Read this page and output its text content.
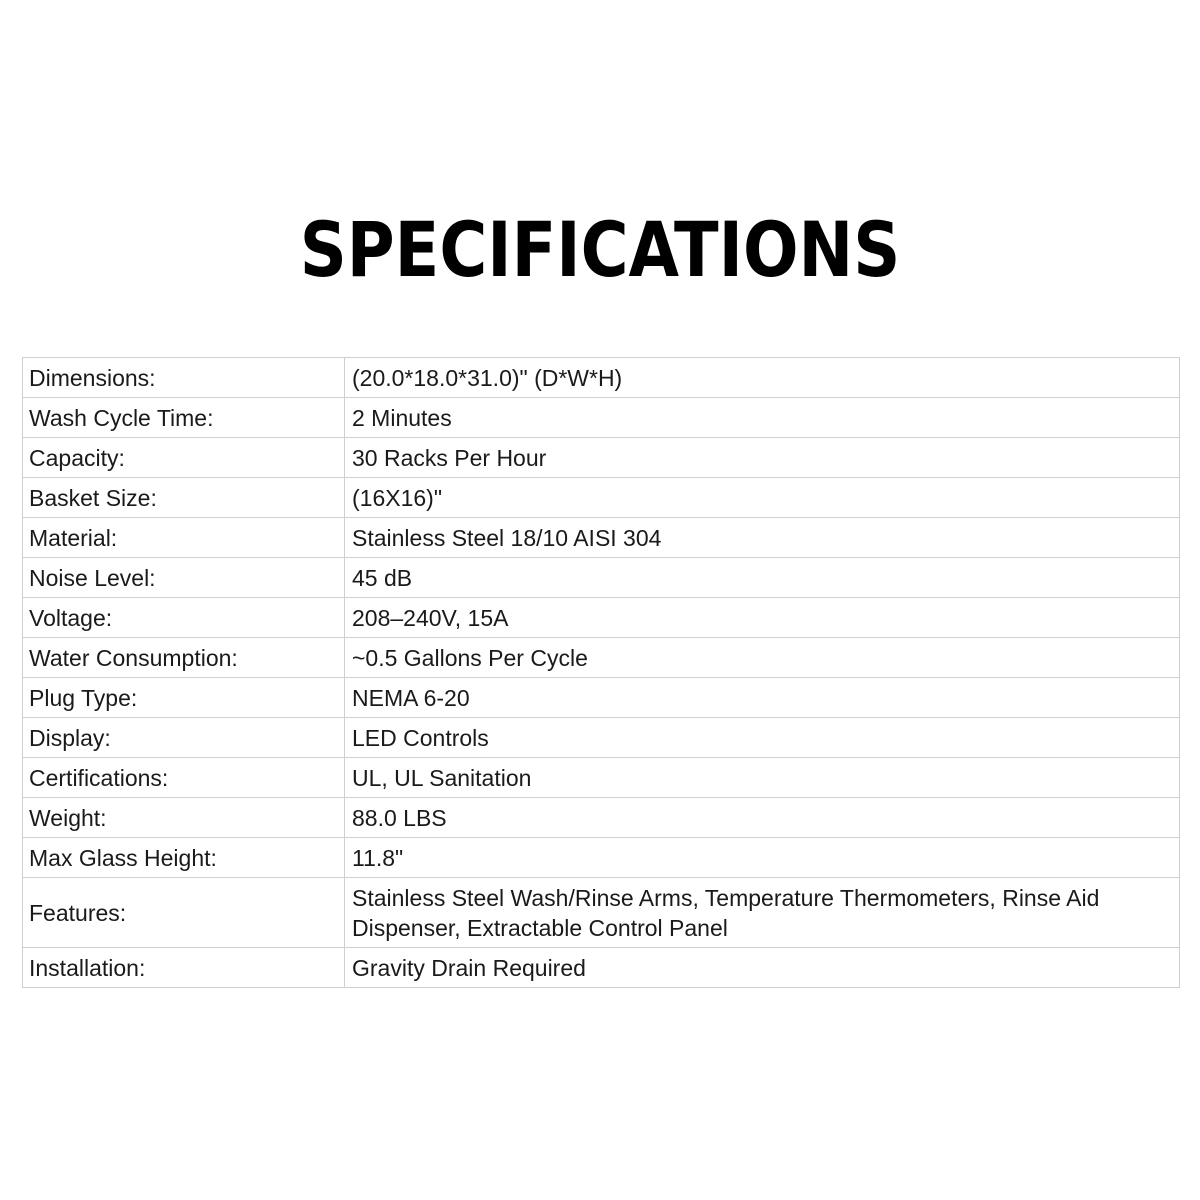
SPECIFICATIONS
Dimensions:	(20.0*18.0*31.0)" (D*W*H)
Wash Cycle Time:	2 Minutes
Capacity:	30 Racks Per Hour
Basket Size:	(16X16)"
Material:	Stainless Steel 18/10 AISI 304
Noise Level:	45 dB
Voltage:	208–240V, 15A
Water Consumption:	~0.5 Gallons Per Cycle
Plug Type:	NEMA 6-20
Display:	LED Controls
Certifications:	UL, UL Sanitation
Weight:	88.0 LBS
Max Glass Height:	11.8"
Features:	Stainless Steel Wash/Rinse Arms, Temperature Thermometers, Rinse Aid Dispenser, Extractable Control Panel
Installation:	Gravity Drain Required
